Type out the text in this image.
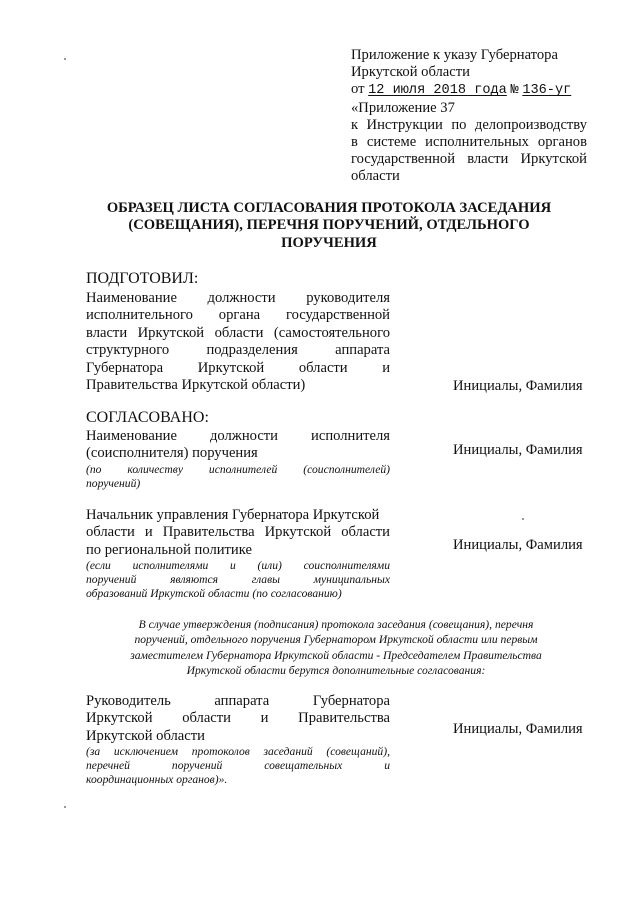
Приложение к указу Губернатора
Иркутской области
от 12 июля 2018 года № 136-уг
«Приложение 37
к Инструкции по делопроизводству
в системе исполнительных органов
государственной власти Иркутской
области
ОБРАЗЕЦ ЛИСТА СОГЛАСОВАНИЯ ПРОТОКОЛА ЗАСЕДАНИЯ
(СОВЕЩАНИЯ), ПЕРЕЧНЯ ПОРУЧЕНИЙ, ОТДЕЛЬНОГО
ПОРУЧЕНИЯ
ПОДГОТОВИЛ:
Наименование должности руководителя
исполнительного органа государственной
власти Иркутской области (самостоятельного
структурного подразделения аппарата
Губернатора Иркутской области и
Правительства Иркутской области)	Инициалы, Фамилия
СОГЛАСОВАНО:
Наименование должности исполнителя
(соисполнителя) поручения
(по количеству исполнителей (соисполнителей)
поручений)
Инициалы, Фамилия
Начальник управления Губернатора Иркутской
области и Правительства Иркутской области
по региональной политике
(если исполнителями и (или) соисполнителями
поручений являются главы муниципальных
образований Иркутской области (по согласованию)
Инициалы, Фамилия
В случае утверждения (подписания) протокола заседания (совещания), перечня
поручений, отдельного поручения Губернатором Иркутской области или первым
заместителем Губернатора Иркутской области - Председателем Правительства
Иркутской области берутся дополнительные согласования:
Руководитель аппарата Губернатора
Иркутской области и Правительства
Иркутской области
(за исключением протоколов заседаний (совещаний),
перечней поручений совещательных и
координационных органов)».
Инициалы, Фамилия
